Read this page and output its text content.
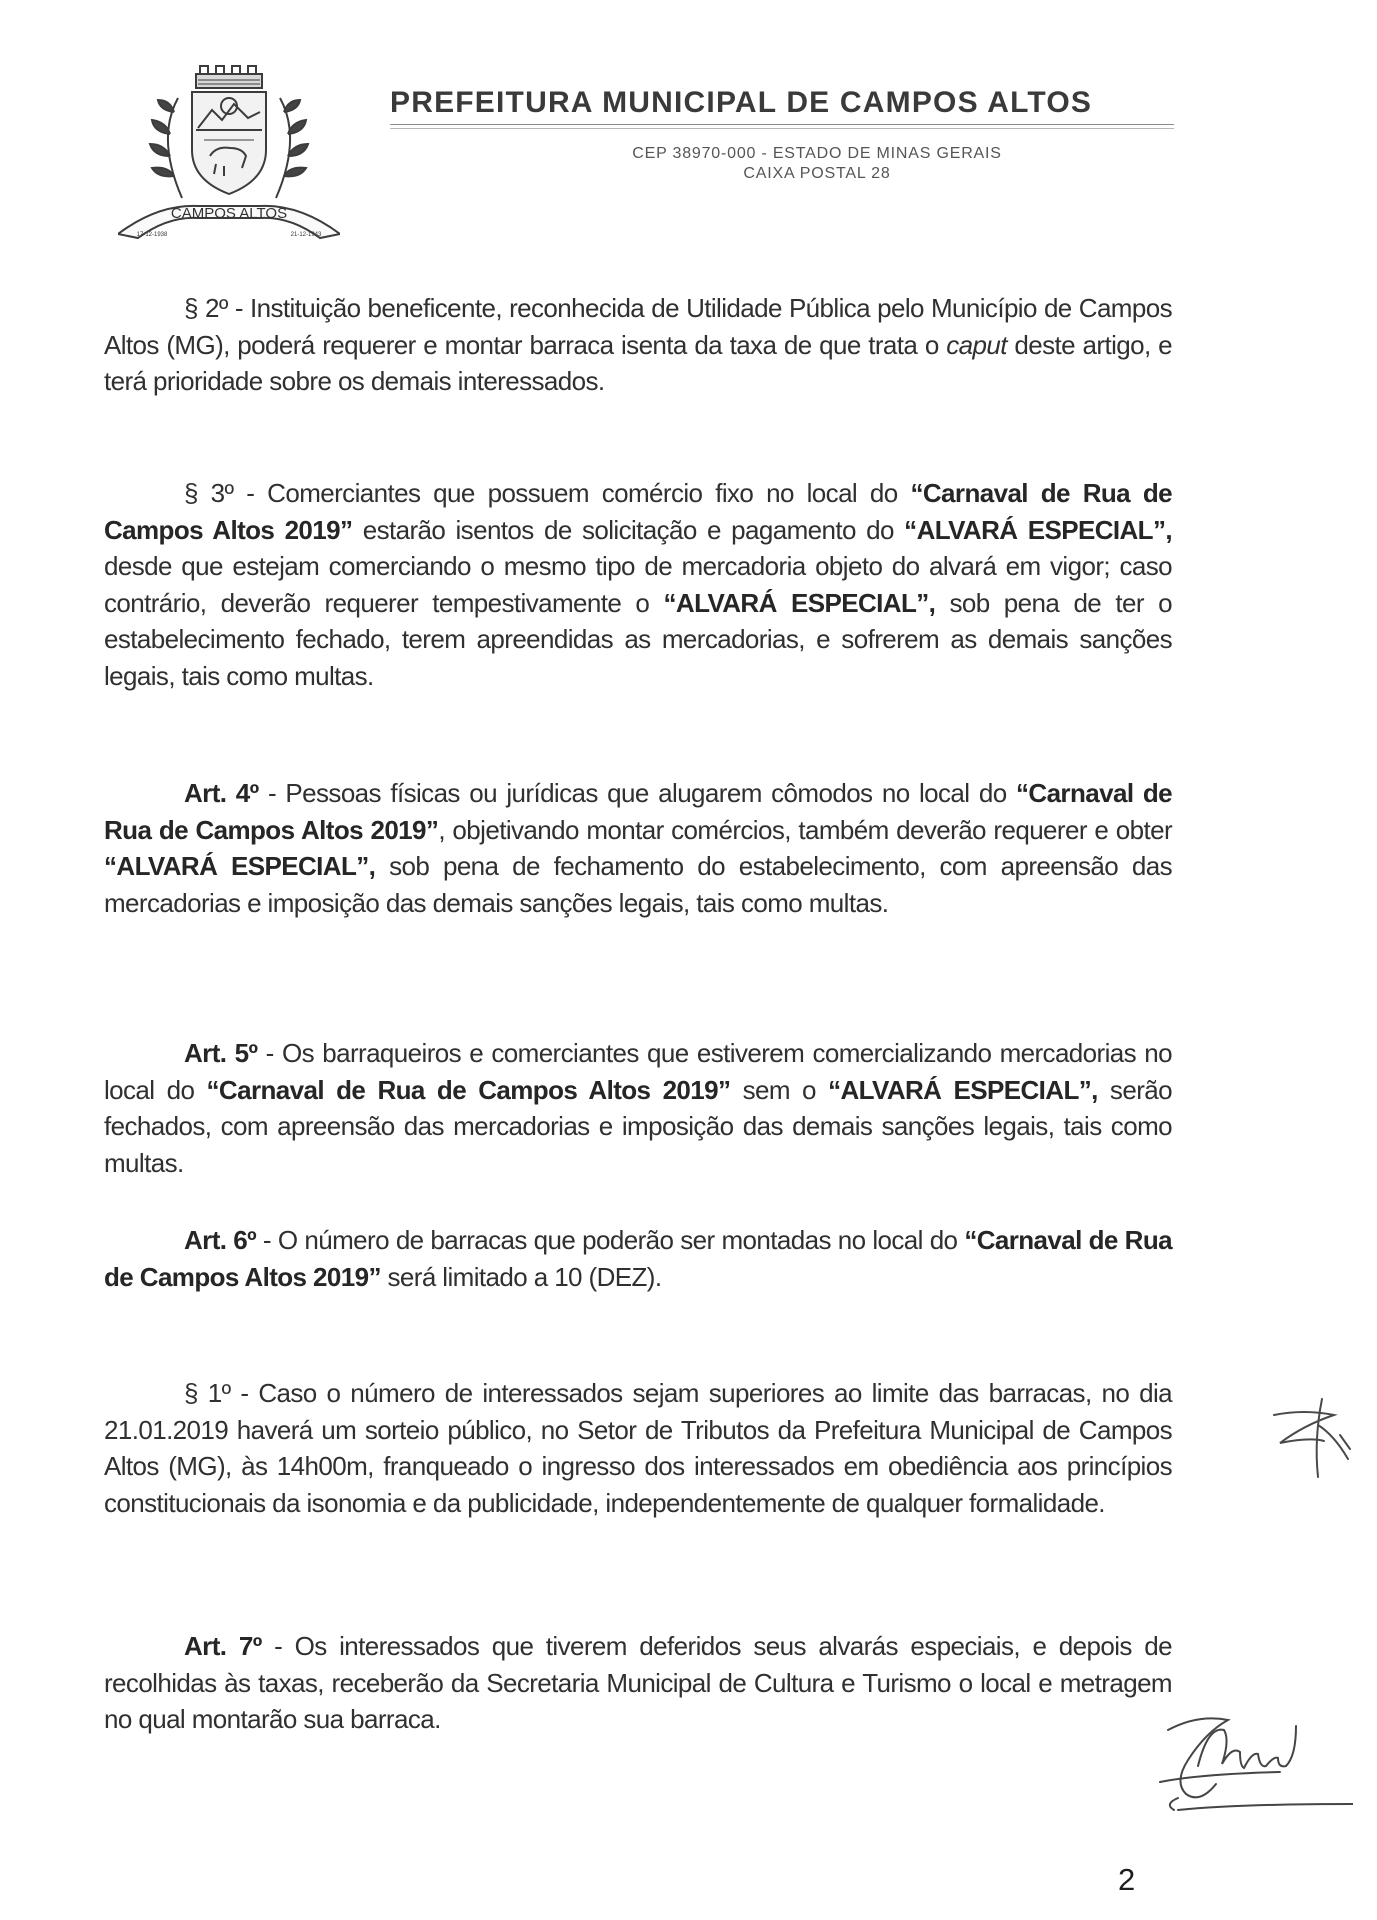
CAMPOS ALTOS
17-12-1938	21-12-1943
PREFEITURA MUNICIPAL DE CAMPOS ALTOS
CEP 38970-000 - ESTADO DE MINAS GERAIS
CAIXA POSTAL 28
§ 2º - Instituição beneficente, reconhecida de Utilidade Pública pelo Município de Campos Altos (MG), poderá requerer e montar barraca isenta da taxa de que trata o caput deste artigo, e terá prioridade sobre os demais interessados.
§ 3º - Comerciantes que possuem comércio fixo no local do “Carnaval de Rua de Campos Altos 2019” estarão isentos de solicitação e pagamento do “ALVARÁ ESPECIAL”, desde que estejam comerciando o mesmo tipo de mercadoria objeto do alvará em vigor; caso contrário, deverão requerer tempestivamente o “ALVARÁ ESPECIAL”, sob pena de ter o estabelecimento fechado, terem apreendidas as mercadorias, e sofrerem as demais sanções legais, tais como multas.
Art. 4º - Pessoas físicas ou jurídicas que alugarem cômodos no local do “Carnaval de Rua de Campos Altos 2019”, objetivando montar comércios, também deverão requerer e obter “ALVARÁ ESPECIAL”, sob pena de fechamento do estabelecimento, com apreensão das mercadorias e imposição das demais sanções legais, tais como multas.
Art. 5º - Os barraqueiros e comerciantes que estiverem comercializando mercadorias no local do “Carnaval de Rua de Campos Altos 2019” sem o “ALVARÁ ESPECIAL”, serão fechados, com apreensão das mercadorias e imposição das demais sanções legais, tais como multas.
Art. 6º - O número de barracas que poderão ser montadas no local do “Carnaval de Rua de Campos Altos 2019” será limitado a 10 (DEZ).
§ 1º - Caso o número de interessados sejam superiores ao limite das barracas, no dia 21.01.2019 haverá um sorteio público, no Setor de Tributos da Prefeitura Municipal de Campos Altos (MG), às 14h00m, franqueado o ingresso dos interessados em obediência aos princípios constitucionais da isonomia e da publicidade, independentemente de qualquer formalidade.
Art. 7º - Os interessados que tiverem deferidos seus alvarás especiais, e depois de recolhidas às taxas, receberão da Secretaria Municipal de Cultura e Turismo o local e metragem no qual montarão sua barraca.
2
